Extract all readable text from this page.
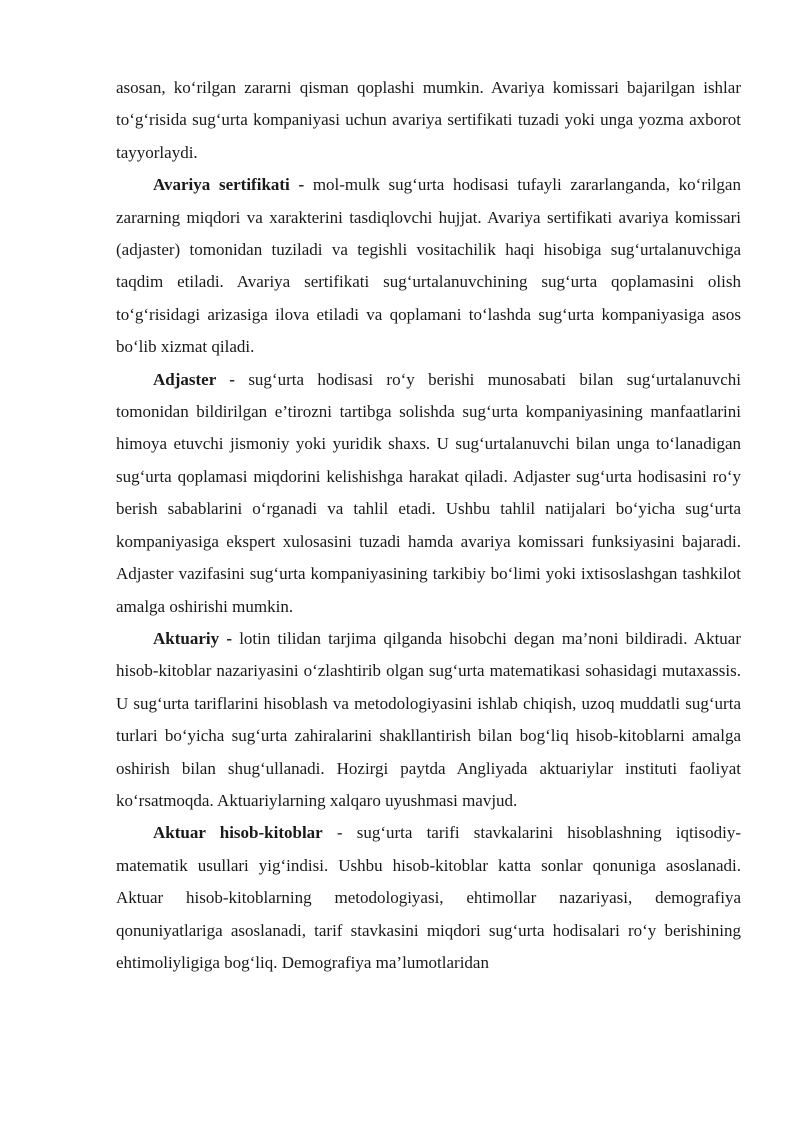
asosan, ko‘rilgan zararni qisman qoplashi mumkin. Avariya komissari bajarilgan ishlar to‘g‘risida sug‘urta kompaniyasi uchun avariya sertifikati tuzadi yoki unga yozma axborot tayyorlaydi.

Avariya sertifikati - mol-mulk sug‘urta hodisasi tufayli zararlanganda, ko‘rilgan zararning miqdori va xarakterini tasdiqlovchi hujjat. Avariya sertifikati avariya komissari (adjaster) tomonidan tuziladi va tegishli vositachilik haqi hisobiga sug‘urtalanuvchiga taqdim etiladi. Avariya sertifikati sug‘urtalanuvchining sug‘urta qoplamasini olish to‘g‘risidagi arizasiga ilova etiladi va qoplamani to‘lashda sug‘urta kompaniyasiga asos bo‘lib xizmat qiladi.

Adjaster - sug‘urta hodisasi ro‘y berishi munosabati bilan sug‘urtalanuvchi tomonidan bildirilgan e’tirozni tartibga solishda sug‘urta kompaniyasining manfaatlarini himoya etuvchi jismoniy yoki yuridik shaxs. U sug‘urtalanuvchi bilan unga to‘lanadigan sug‘urta qoplamasi miqdorini kelishishga harakat qiladi. Adjaster sug‘urta hodisasini ro‘y berish sabablarini o‘rganadi va tahlil etadi. Ushbu tahlil natijalari bo‘yicha sug‘urta kompaniyasiga ekspert xulosasini tuzadi hamda avariya komissari funksiyasini bajaradi. Adjaster vazifasini sug‘urta kompaniyasining tarkibiy bo‘limi yoki ixtisoslashgan tashkilot amalga oshirishi mumkin.

Aktuariy - lotin tilidan tarjima qilganda hisobchi degan ma’noni bildiradi. Aktuar hisob-kitoblar nazariyasini o‘zlashtirib olgan sug‘urta matematikasi sohasidagi mutaxassis. U sug‘urta tariflarini hisoblash va metodologiyasini ishlab chiqish, uzoq muddatli sug‘urta turlari bo‘yicha sug‘urta zahiralarini shakllantirish bilan bog‘liq hisob-kitoblarni amalga oshirish bilan shug‘ullanadi. Hozirgi paytda Angliyada aktuariylar instituti faoliyat ko‘rsatmoqda. Aktuariylarning xalqaro uyushmasi mavjud.

Aktuar hisob-kitoblar - sug‘urta tarifi stavkalarini hisoblashning iqtisodiy-matematik usullari yig‘indisi. Ushbu hisob-kitoblar katta sonlar qonuniga asoslanadi. Aktuar hisob-kitoblarning metodologiyasi, ehtimollar nazariyasi, demografiya qonuniyatlariga asoslanadi, tarif stavkasini miqdori sug‘urta hodisalari ro‘y berishining ehtimoliyligiga bog‘liq. Demografiya ma’lumotlaridan
